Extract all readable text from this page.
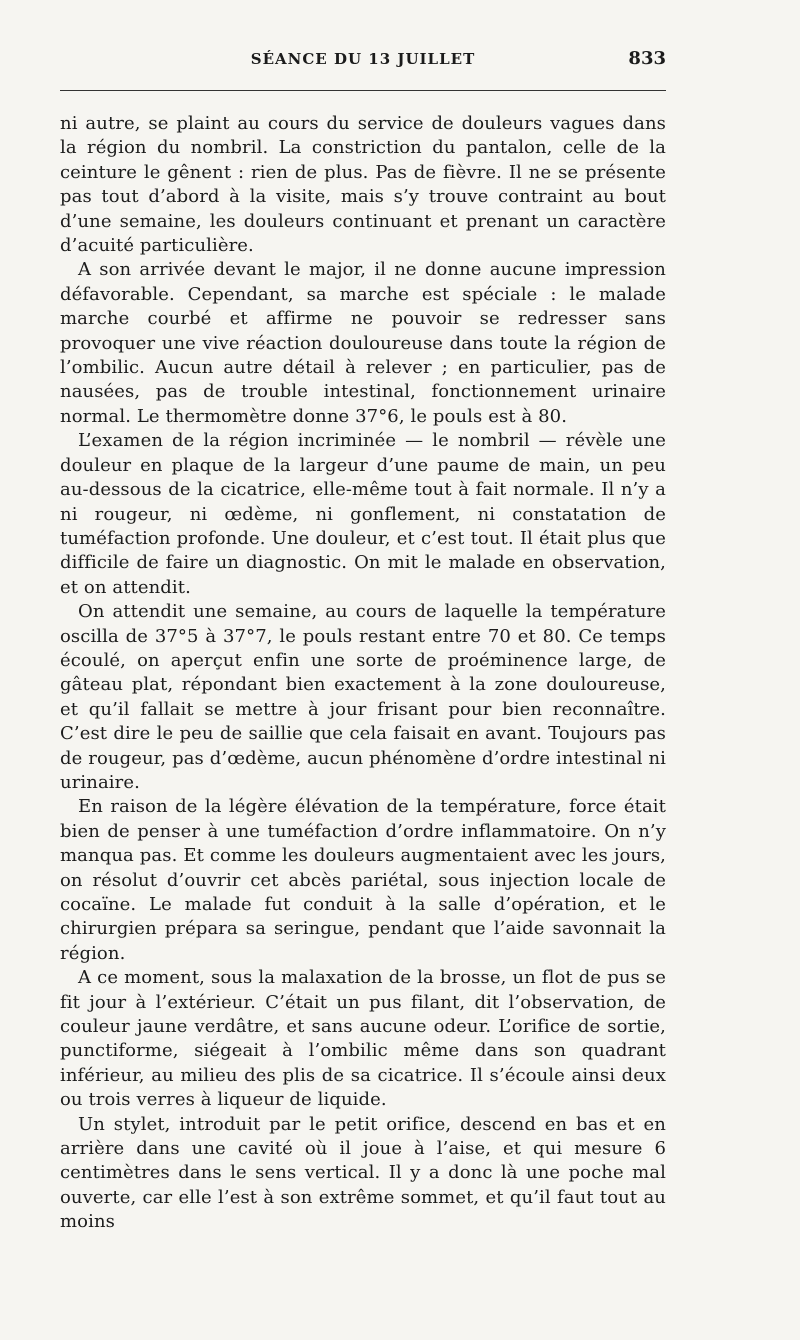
SÉANCE DU 13 JUILLET	833

ni autre, se plaint au cours du service de douleurs vagues dans la région du nombril. La constriction du pantalon, celle de la ceinture le gênent : rien de plus. Pas de fièvre. Il ne se présente pas tout d’abord à la visite, mais s’y trouve contraint au bout d’une semaine, les douleurs continuant et prenant un caractère d’acuité particulière.

A son arrivée devant le major, il ne donne aucune impression défavorable. Cependant, sa marche est spéciale : le malade marche courbé et affirme ne pouvoir se redresser sans provoquer une vive réaction douloureuse dans toute la région de l’ombilic. Aucun autre détail à relever ; en particulier, pas de nausées, pas de trouble intestinal, fonctionnement urinaire normal. Le thermomètre donne 37°6, le pouls est à 80.

L’examen de la région incriminée — le nombril — révèle une douleur en plaque de la largeur d’une paume de main, un peu au-dessous de la cicatrice, elle-même tout à fait normale. Il n’y a ni rougeur, ni œdème, ni gonflement, ni constatation de tuméfaction profonde. Une douleur, et c’est tout. Il était plus que difficile de faire un diagnostic. On mit le malade en observation, et on attendit.

On attendit une semaine, au cours de laquelle la température oscilla de 37°5 à 37°7, le pouls restant entre 70 et 80. Ce temps écoulé, on aperçut enfin une sorte de proéminence large, de gâteau plat, répondant bien exactement à la zone douloureuse, et qu’il fallait se mettre à jour frisant pour bien reconnaître. C’est dire le peu de saillie que cela faisait en avant. Toujours pas de rougeur, pas d’œdème, aucun phénomène d’ordre intestinal ni urinaire.

En raison de la légère élévation de la température, force était bien de penser à une tuméfaction d’ordre inflammatoire. On n’y manqua pas. Et comme les douleurs augmentaient avec les jours, on résolut d’ouvrir cet abcès pariétal, sous injection locale de cocaïne. Le malade fut conduit à la salle d’opération, et le chirurgien prépara sa seringue, pendant que l’aide savonnait la région.

A ce moment, sous la malaxation de la brosse, un flot de pus se fit jour à l’extérieur. C’était un pus filant, dit l’observation, de couleur jaune verdâtre, et sans aucune odeur. L’orifice de sortie, punctiforme, siégeait à l’ombilic même dans son quadrant inférieur, au milieu des plis de sa cicatrice. Il s’écoule ainsi deux ou trois verres à liqueur de liquide.

Un stylet, introduit par le petit orifice, descend en bas et en arrière dans une cavité où il joue à l’aise, et qui mesure 6 centimètres dans le sens vertical. Il y a donc là une poche mal ouverte, car elle l’est à son extrême sommet, et qu’il faut tout au moins
